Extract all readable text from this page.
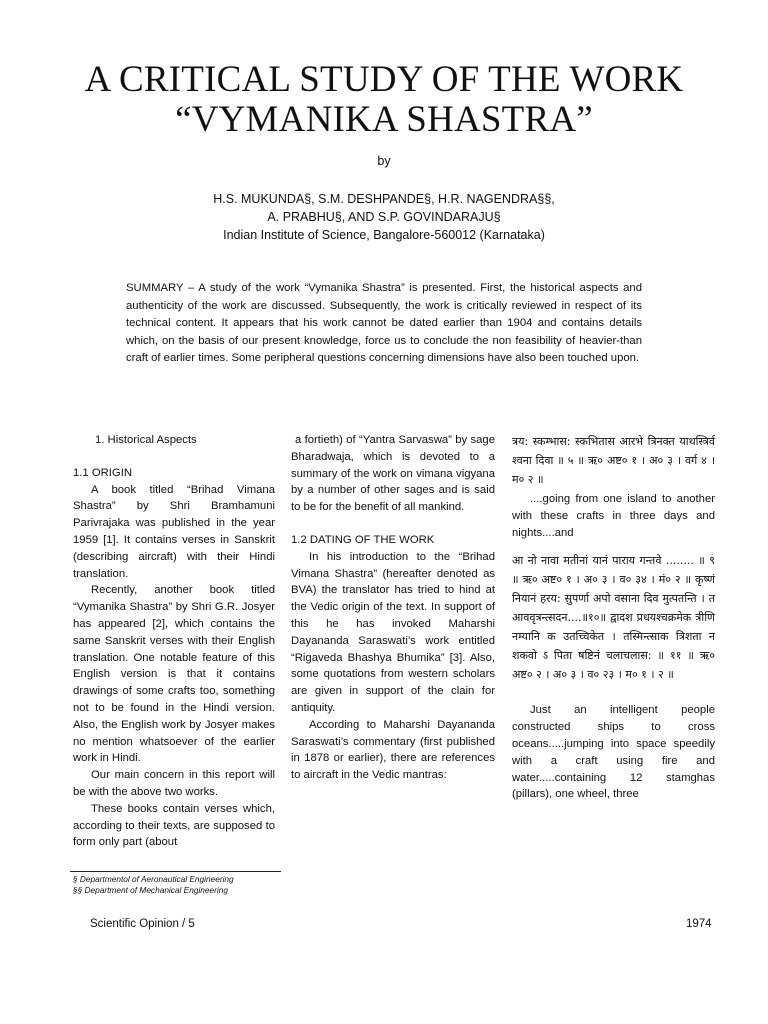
A CRITICAL STUDY OF THE WORK
“VYMANIKA SHASTRA”
by
H.S. MUKUNDA§, S.M. DESHPANDE§, H.R. NAGENDRA§§,
A. PRABHU§, AND S.P. GOVINDARAJU§
Indian Institute of Science, Bangalore-560012 (Karnataka)

SUMMARY – A study of the work “Vymanika Shastra” is presented. First, the historical aspects and authenticity of the work are discussed. Subsequently, the work is critically reviewed in respect of its technical content. It appears that his work cannot be dated earlier than 1904 and contains details which, on the basis of our present knowledge, force us to conclude the non feasibility of heavier-than craft of earlier times. Some peripheral questions concerning dimensions have also been touched upon.

1. Historical Aspects

1.1 ORIGIN

A book titled “Brihad Vimana Shastra” by Shri Bramhamuni Parivrajaka was published in the year 1959 [1]. It contains verses in Sanskrit (describing aircraft) with their Hindi translation.

Recently, another book titled “Vymanika Shastra” by Shri G.R. Josyer has appeared [2], which contains the same Sanskrit verses with their English translation. One notable feature of this English version is that it contains drawings of some crafts too, something not to be found in the Hindi version. Also, the English work by Josyer makes no mention whatsoever of the earlier work in Hindi.

Our main concern in this report will be with the above two works.

These books contain verses which, according to their texts, are supposed to form only part (about

a fortieth) of “Yantra Sarvaswa” by sage Bharadwaja, which is devoted to a summary of the work on vimana vigyana by a number of other sages and is said to be for the benefit of all mankind.

1.2 DATING OF THE WORK

In his introduction to the “Brihad Vimana Shastra” (hereafter denoted as BVA) the translator has tried to hind at the Vedic origin of the text. In support of this he has invoked Maharshi Dayananda Saraswati’s work entitled “Rigaveda Bhashya Bhumika” [3]. Also, some quotations from western scholars are given in support of the clain for antiquity.

According to Maharshi Dayananda Saraswati’s commentary (first published in 1878 or earlier), there are references to aircraft in the Vedic mantras:

त्रय: स्कम्भास: स्कभितास आरभे त्रिनक्त याथस्त्रिर्व श्वना दिवा ॥ ५ ॥ ऋ० अष्ट० १ । अ० ३ । वर्ग ४ । म० २ ॥

....going from one island to another with these crafts in three days and nights....and

आ नो नावा मतीनां यानं पाराय गन्तवे ........ ॥ ९ ॥ ऋ० अष्ट० १ । अ० ३ । व० ३४ । मं० २ ॥ कृष्णं नियानं हरय: सुपर्णा अपो वसाना दिव मुत्पतन्ति । त आववृत्रन्त्सदन....॥१०॥ द्वादश प्रधयश्चक्रमेक त्रीणि नम्यानि क उतच्चिकेत । तस्मिन्त्साक त्रिशता न शकवो ऽ पिता षष्टिनं चलाचलास: ॥ ११ ॥ ऋ० अष्ट० २ । अ० ३ । व० २३ । म० १ । २ ॥

Just an intelligent people constructed ships to cross oceans.....jumping into space speedily with a craft using fire and water.....containing 12 stamghas (pillars), one wheel, three

§ Departmentol of Aeronautical Engineering
§§ Department of Mechanical Engineering
Scientific Opinion / 5	1974
